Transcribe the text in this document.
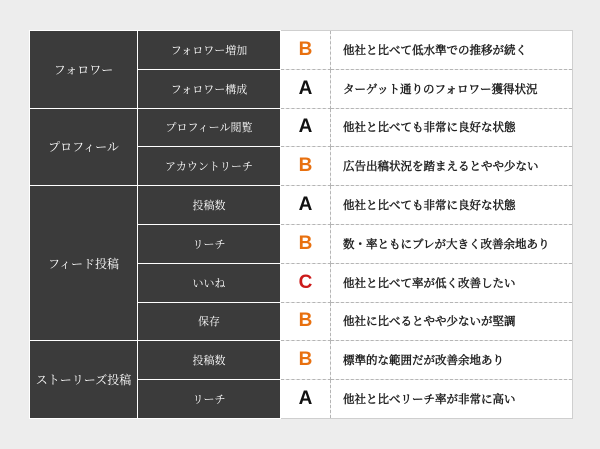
フォロワー	フォロワー増加	B	他社と比べて低水準での推移が続く
	フォロワー構成	A	ターゲット通りのフォロワー獲得状況
プロフィール	プロフィール閲覧	A	他社と比べても非常に良好な状態
	アカウントリーチ	B	広告出稿状況を踏まえるとやや少ない
フィード投稿	投稿数	A	他社と比べても非常に良好な状態
	リーチ	B	数・率ともにブレが大きく改善余地あり
	いいね	C	他社と比べて率が低く改善したい
	保存	B	他社に比べるとやや少ないが堅調
ストーリーズ投稿	投稿数	B	標準的な範囲だが改善余地あり
	リーチ	A	他社と比べリーチ率が非常に高い
